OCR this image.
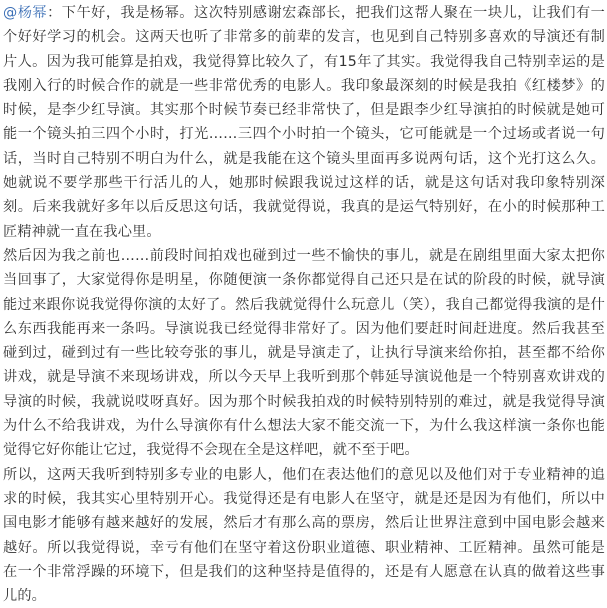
@杨幂：下午好，我是杨幂。这次特别感谢宏森部长，把我们这帮人聚在一块儿，让我们有一个好好学习的机会。这两天也听了非常多的前辈的发言，也见到自己特别多喜欢的导演还有制片人。因为我可能算是拍戏，我觉得算比较久了，有15年了其实。我觉得我自己特别幸运的是我刚入行的时候合作的就是一些非常优秀的电影人。我印象最深刻的时候是我拍《红楼梦》的时候，是李少红导演。其实那个时候节奏已经非常快了，但是跟李少红导演拍的时候就是她可能一个镜头拍三四个小时，打光……三四个小时拍一个镜头，它可能就是一个过场或者说一句话，当时自己特别不明白为什么，就是我能在这个镜头里面再多说两句话，这个光打这么久。她就说不要学那些干行活儿的人，她那时候跟我说过这样的话，就是这句话对我印象特别深刻。后来我就好多年以后反思这句话，我就觉得说，我真的是运气特别好，在小的时候那种工匠精神就一直在我心里。

然后因为我之前也……前段时间拍戏也碰到过一些不愉快的事儿，就是在剧组里面大家太把你当回事了，大家觉得你是明星，你随便演一条你都觉得自己还只是在试的阶段的时候，就导演能过来跟你说我觉得你演的太好了。然后我就觉得什么玩意儿（笑），我自己都觉得我演的是什么东西我能再来一条吗。导演说我已经觉得非常好了。因为他们要赶时间赶进度。然后我甚至碰到过，碰到过有一些比较夸张的事儿，就是导演走了，让执行导演来给你拍，甚至都不给你讲戏，就是导演不来现场讲戏，所以今天早上我听到那个韩延导演说他是一个特别喜欢讲戏的导演的时候，我就说哎呀真好。因为那个时候我拍戏的时候特别特别的难过，就是我觉得导演为什么不给我讲戏，为什么导演你有什么想法大家不能交流一下，为什么我这样演一条你也能觉得它好你能让它过，我觉得不会现在全是这样吧，就不至于吧。

所以，这两天我听到特别多专业的电影人，他们在表达他们的意见以及他们对于专业精神的追求的时候，我其实心里特别开心。我觉得还是有电影人在坚守，就是还是因为有他们，所以中国电影才能够有越来越好的发展，然后才有那么高的票房，然后让世界注意到中国电影会越来越好。所以我觉得说，幸亏有他们在坚守着这份职业道德、职业精神、工匠精神。虽然可能是在一个非常浮躁的环境下，但是我们的这种坚持是值得的，还是有人愿意在认真的做着这些事儿的。
